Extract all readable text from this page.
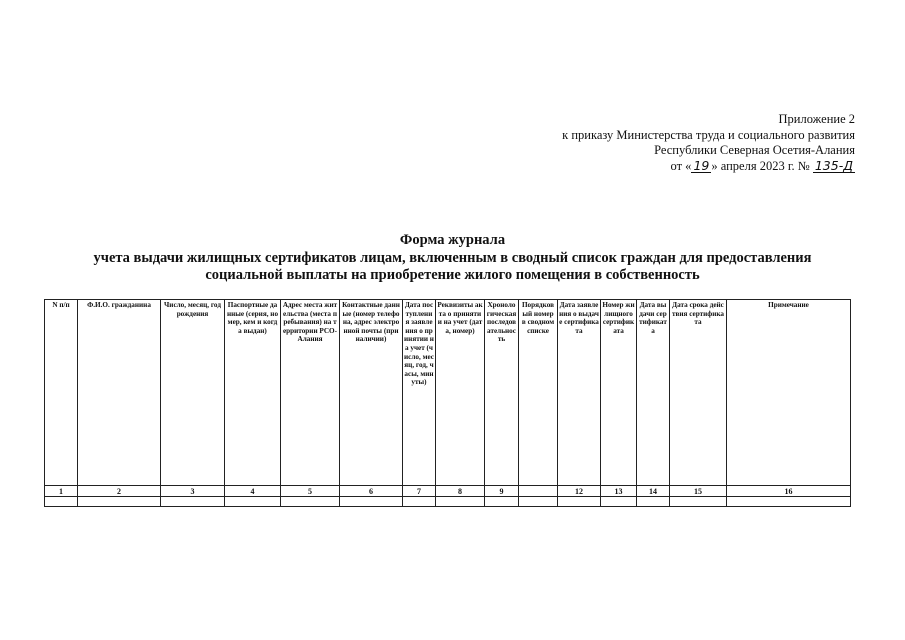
Приложение 2
к приказу Министерства труда и социального развития
Республики Северная Осетия-Алания
от « 19 » апреля 2023 г. № 135-Д
Форма журнала
учета выдачи жилищных сертификатов лицам, включенным в сводный список граждан для предоставления
социальной выплаты на приобретение жилого помещения в собственность
N п/п	Ф.И.О. гражданина	Число, месяц, год рождения	Паспортные данные (серия, номер, кем и когда выдан)	Адрес места жительства (места пребывания) на территории РСО-Алания	Контактные данные (номер телефона, адрес электронной почты (при наличии)	Дата поступления заявления о принятии на учет (число, месяц, год, часы, минуты)	Реквизиты акта о принятии на учет (дата, номер)	Хронологическая последовательность	Порядковый номер в сводном списке	Дата заявления о выдаче сертификата	Номер жилищного сертификата	Дата выдачи сертификата	Дата срока действия сертификата	Примечание
1	2	3	4	5	6	7	8	9		12	13	14	15	16
